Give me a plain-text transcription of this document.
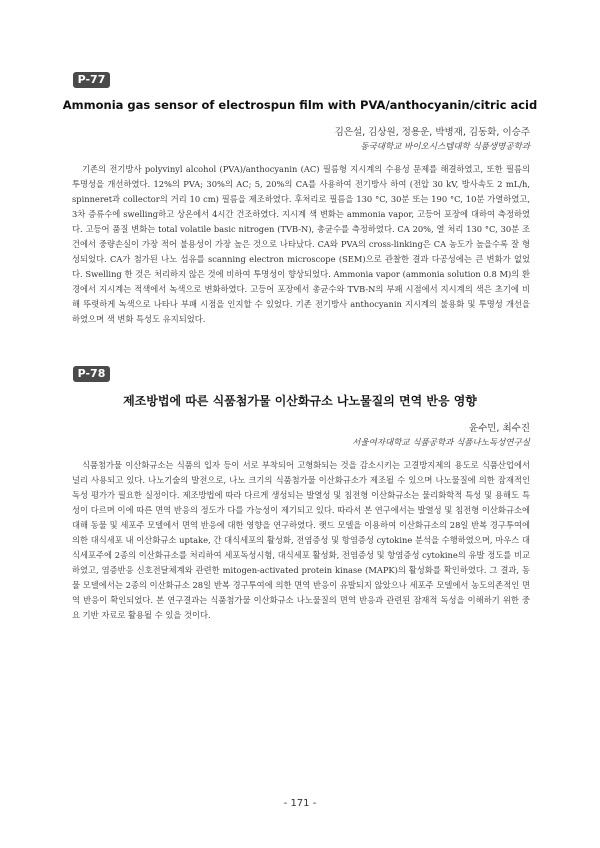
P-77
Ammonia gas sensor of electrospun film with PVA/anthocyanin/citric acid
김은설, 김상원, 정용운, 박병재, 김동화, 이승주
동국대학교 바이오시스템대학 식품생명공학과

기존의 전기방사 polyvinyl alcohol (PVA)/anthocyanin (AC) 필름형 지시계의 수용성 문제를 해결하였고, 또한 필름의 투명성을 개선하였다. 12%의 PVA; 30%의 AC; 5, 20%의 CA를 사용하여 전기방사 하여 (전압 30 kV, 방사속도 2 mL/h, spinneret과 collector의 거리 10 cm) 필름을 제조하였다. 후처리로 필름을 130 °C, 30분 또는 190 °C, 10분 가열하였고, 3차 증류수에 swelling하고 상온에서 4시간 건조하였다. 지시계 색 변화는 ammonia vapor, 고등어 포장에 대하여 측정하였다. 고등어 품질 변화는 total volatile basic nitrogen (TVB-N), 총균수를 측정하였다. CA 20%, 열 처리 130 °C, 30분 조건에서 중량손실이 가장 적어 불용성이 가장 높은 것으로 나타났다. CA와 PVA의 cross-linking은 CA 농도가 높을수록 잘 형성되었다. CA가 첨가된 나노 섬유를 scanning electron microscope (SEM)으로 관찰한 결과 다공성에는 큰 변화가 없었다. Swelling 한 것은 처리하지 않은 것에 비하여 투명성이 향상되었다. Ammonia vapor (ammonia solution 0.8 M)의 환경에서 지시계는 적색에서 녹색으로 변화하였다. 고등어 포장에서 총균수와 TVB-N의 부패 시점에서 지시계의 색은 초기에 비해 뚜렷하게 녹색으로 나타나 부패 시점을 인지할 수 있었다. 기존 전기방사 anthocyanin 지시계의 불용화 및 투명성 개선을 하였으며 색 변화 특성도 유지되었다.

P-78
제조방법에 따른 식품첨가물 이산화규소 나노물질의 면역 반응 영향
윤수민, 최수진
서울여자대학교 식품공학과 식품나노독성연구실

식품첨가물 이산화규소는 식품의 입자 등이 서로 부착되어 고형화되는 것을 감소시키는 고결방지제의 용도로 식품산업에서 널리 사용되고 있다. 나노기술의 발전으로, 나노 크기의 식품첨가물 이산화규소가 제조될 수 있으며 나노물질에 의한 잠재적인 독성 평가가 필요한 실정이다. 제조방법에 따라 다르게 생성되는 발열성 및 침전형 이산화규소는 물리화학적 특성 및 용해도 특성이 다르며 이에 따른 면역 반응의 정도가 다를 가능성이 제기되고 있다. 따라서 본 연구에서는 발열성 및 침전형 이산화규소에 대해 동물 및 세포주 모델에서 면역 반응에 대한 영향을 연구하였다. 랫드 모델을 이용하여 이산화규소의 28일 반복 경구투여에 의한 대식세포 내 이산화규소 uptake, 간 대식세포의 활성화, 전염증성 및 항염증성 cytokine 분석을 수행하였으며, 마우스 대식세포주에 2종의 이산화규소를 처리하여 세포독성시험, 대식세포 활성화, 전염증성 및 항염증성 cytokine의 유발 정도를 비교하였고, 염증반응 신호전달체계와 관련한 mitogen-activated protein kinase (MAPK)의 활성화를 확인하였다. 그 결과, 동물 모델에서는 2종의 이산화규소 28일 반복 경구투여에 의한 면역 반응이 유발되지 않았으나 세포주 모델에서 농도의존적인 면역 반응이 확인되었다. 본 연구결과는 식품첨가물 이산화규소 나노물질의 면역 반응과 관련된 잠재적 독성을 이해하기 위한 중요 기반 자료로 활용될 수 있을 것이다.

- 171 -
